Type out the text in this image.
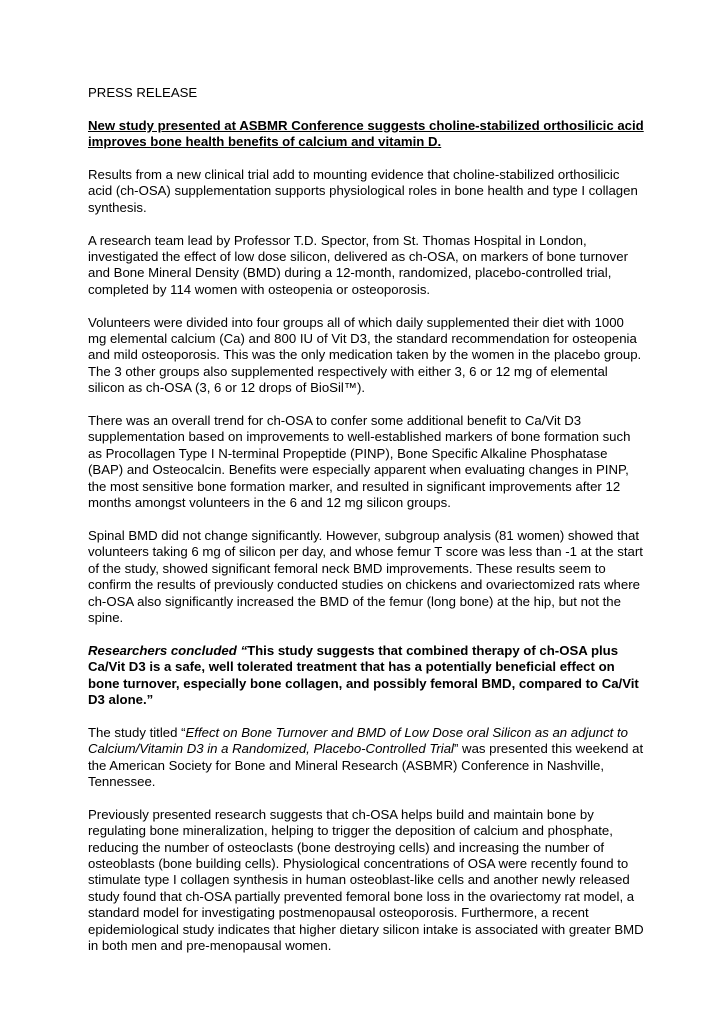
PRESS RELEASE

New study presented at ASBMR Conference suggests choline-stabilized orthosilicic acid improves bone health benefits of calcium and vitamin D.

Results from a new clinical trial add to mounting evidence that choline-stabilized orthosilicic acid (ch-OSA) supplementation supports physiological roles in bone health and type I collagen synthesis.

A research team lead by Professor T.D. Spector, from St. Thomas Hospital in London, investigated the effect of low dose silicon, delivered as ch-OSA, on markers of bone turnover and Bone Mineral Density (BMD) during a 12-month, randomized, placebo-controlled trial, completed by 114 women with osteopenia or osteoporosis.

Volunteers were divided into four groups all of which daily supplemented their diet with 1000 mg elemental calcium (Ca) and 800 IU of Vit D3, the standard recommendation for osteopenia and mild osteoporosis. This was the only medication taken by the women in the placebo group. The 3 other groups also supplemented respectively with either 3, 6 or 12 mg of elemental silicon as ch-OSA (3, 6 or 12 drops of BioSil™).

There was an overall trend for ch-OSA to confer some additional benefit to Ca/Vit D3 supplementation based on improvements to well-established markers of bone formation such as Procollagen Type I N-terminal Propeptide (PINP), Bone Specific Alkaline Phosphatase (BAP) and Osteocalcin. Benefits were especially apparent when evaluating changes in PINP, the most sensitive bone formation marker, and resulted in significant improvements after 12 months amongst volunteers in the 6 and 12 mg silicon groups.

Spinal BMD did not change significantly. However, subgroup analysis (81 women) showed that volunteers taking 6 mg of silicon per day, and whose femur T score was less than -1 at the start of the study, showed significant femoral neck BMD improvements. These results seem to confirm the results of previously conducted studies on chickens and ovariectomized rats where ch-OSA also significantly increased the BMD of the femur (long bone) at the hip, but not the spine.

Researchers concluded “This study suggests that combined therapy of ch-OSA plus Ca/Vit D3 is a safe, well tolerated treatment that has a potentially beneficial effect on bone turnover, especially bone collagen, and possibly femoral BMD, compared to Ca/Vit D3 alone.”

The study titled “Effect on Bone Turnover and BMD of Low Dose oral Silicon as an adjunct to Calcium/Vitamin D3 in a Randomized, Placebo-Controlled Trial” was presented this weekend at the American Society for Bone and Mineral Research (ASBMR) Conference in Nashville, Tennessee.

Previously presented research suggests that ch-OSA helps build and maintain bone by regulating bone mineralization, helping to trigger the deposition of calcium and phosphate, reducing the number of osteoclasts (bone destroying cells) and increasing the number of osteoblasts (bone building cells). Physiological concentrations of OSA were recently found to stimulate type I collagen synthesis in human osteoblast-like cells and another newly released study found that ch-OSA partially prevented femoral bone loss in the ovariectomy rat model, a standard model for investigating postmenopausal osteoporosis. Furthermore, a recent epidemiological study indicates that higher dietary silicon intake is associated with greater BMD in both men and pre-menopausal women.
